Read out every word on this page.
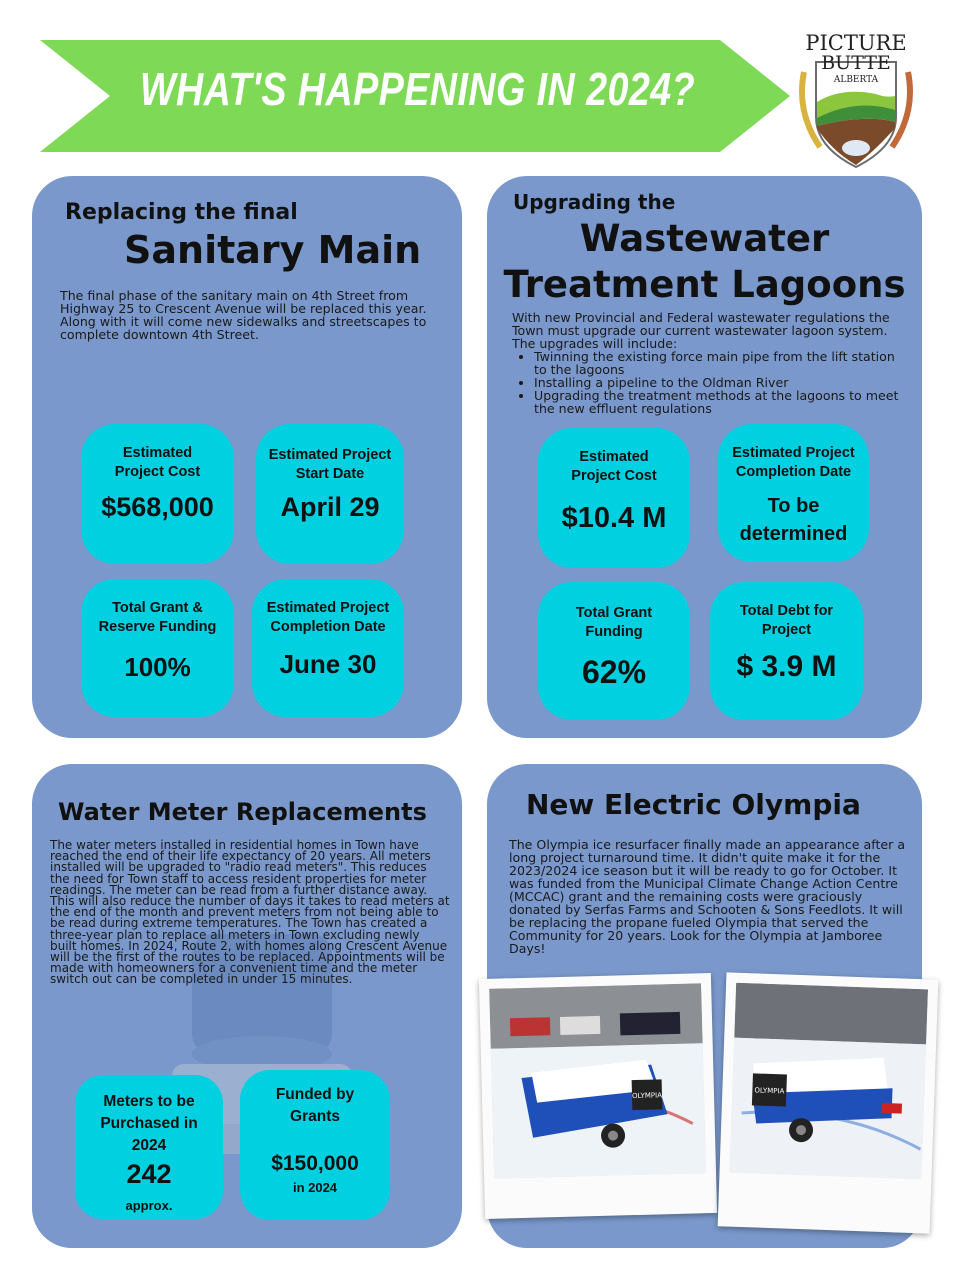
WHAT'S HAPPENING IN 2024?
PICTURE
BUTTE
ALBERTA
Replacing the final
Sanitary Main
The final phase of the sanitary main on 4th Street from Highway 25 to Crescent Avenue will be replaced this year. Along with it will come new sidewalks and streetscapes to complete downtown 4th Street.
Estimated
Project Cost
$568,000
Estimated Project
Start Date
April 29
Total Grant &
Reserve Funding
100%
Estimated Project
Completion Date
June 30
Upgrading the
Wastewater
Treatment Lagoons
With new Provincial and Federal wastewater regulations the Town must upgrade our current wastewater lagoon system. The upgrades will include:
• Twinning the existing force main pipe from the lift station to the lagoons
• Installing a pipeline to the Oldman River
• Upgrading the treatment methods at the lagoons to meet the new effluent regulations
Estimated
Project Cost
$10.4 M
Estimated Project
Completion Date
To be
determined
Total Grant
Funding
62%
Total Debt for
Project
$ 3.9 M
Water Meter Replacements
The water meters installed in residential homes in Town have reached the end of their life expectancy of 20 years. All meters installed will be upgraded to "radio read meters". This reduces the need for Town staff to access resident properties for meter readings. The meter can be read from a further distance away. This will also reduce the number of days it takes to read meters at the end of the month and prevent meters from not being able to be read during extreme temperatures. The Town has created a three-year plan to replace all meters in Town excluding newly built homes. In 2024, Route 2, with homes along Crescent Avenue will be the first of the routes to be replaced. Appointments will be made with homeowners for a convenient time and the meter switch out can be completed in under 15 minutes.
Meters to be
Purchased in
2024
242
approx.
Funded by
Grants
$150,000
in 2024
New Electric Olympia
The Olympia ice resurfacer finally made an appearance after a long project turnaround time. It didn't quite make it for the 2023/2024 ice season but it will be ready to go for October. It was funded from the Municipal Climate Change Action Centre (MCCAC) grant and the remaining costs were graciously donated by Serfas Farms and Schooten & Sons Feedlots. It will be replacing the propane fueled Olympia that served the Community for 20 years. Look for the Olympia at Jamboree Days!
OLYMPIA
OLYMPIA
